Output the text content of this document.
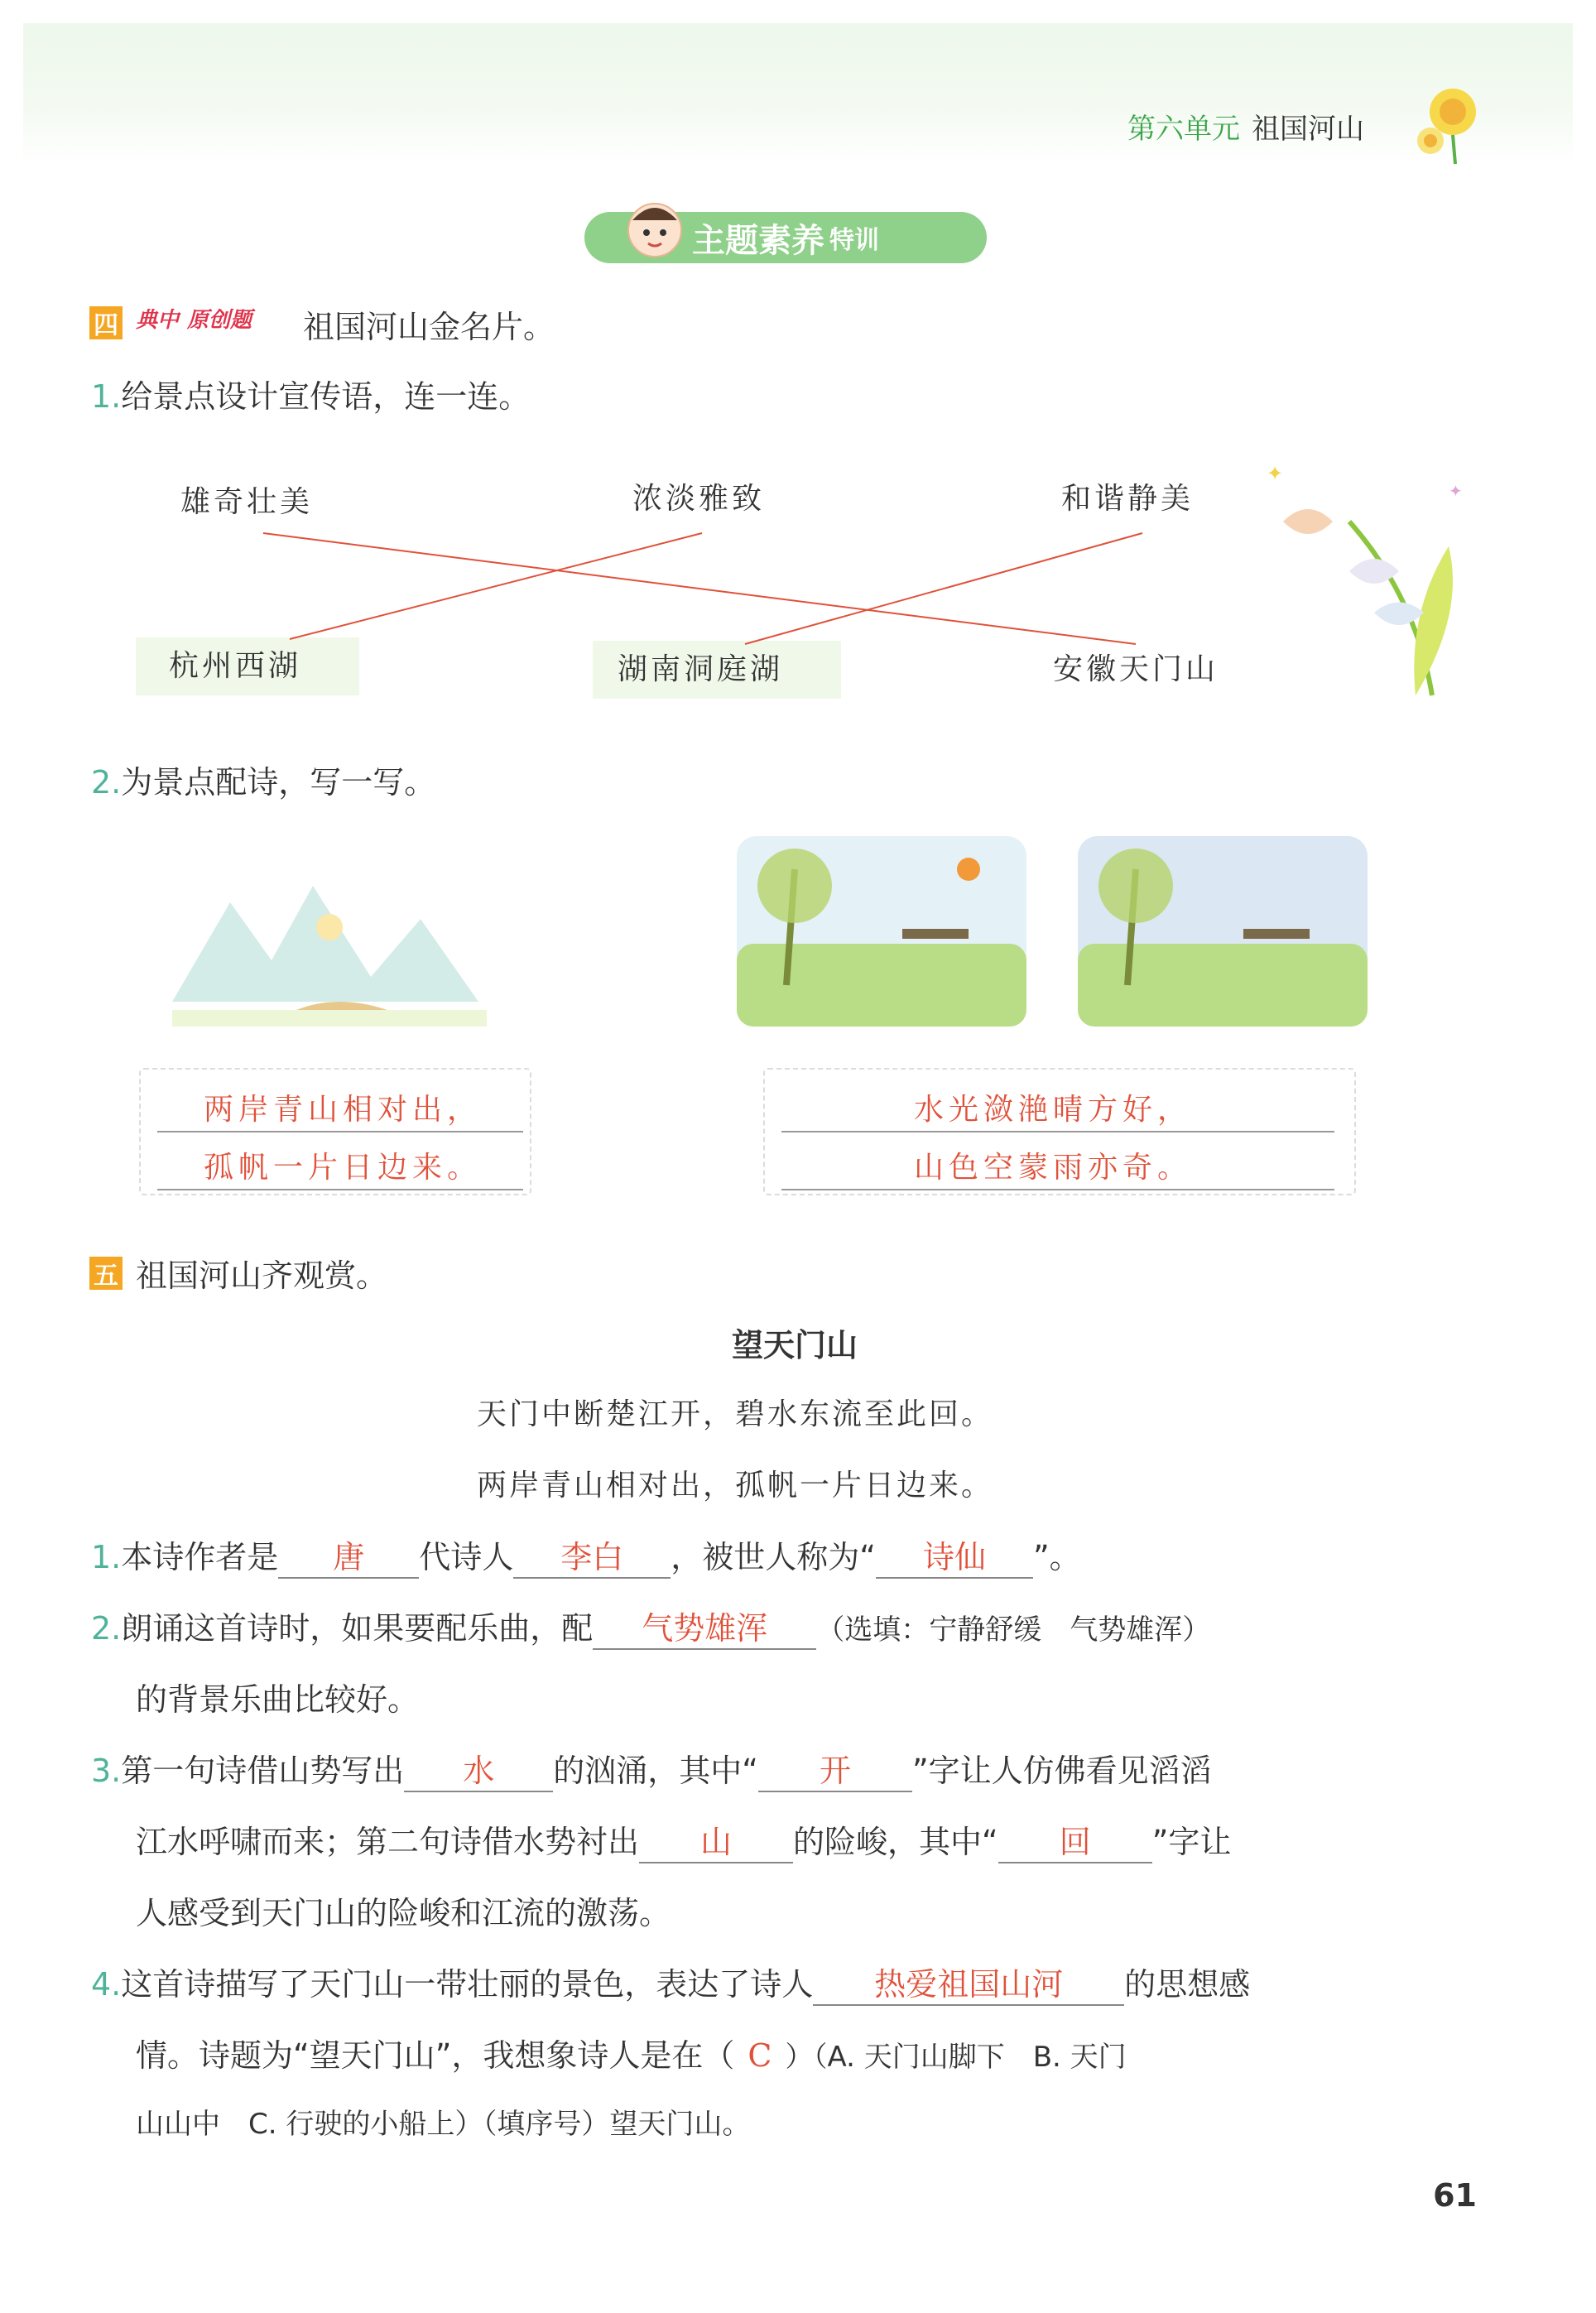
第六单元 祖国河山
主题素养 特训
四 典中 原创题 祖国河山金名片。
1.给景点设计宣传语，连一连。
雄奇壮美	浓淡雅致	和谐静美
杭州西湖	湖南洞庭湖	安徽天门山
✦
✦
2.为景点配诗，写一写。
两岸青山相对出，
孤帆一片日边来。
水光潋滟晴方好，
山色空蒙雨亦奇。
五 祖国河山齐观赏。
望天门山
天门中断楚江开，碧水东流至此回。
两岸青山相对出，孤帆一片日边来。
1.本诗作者是 唐 代诗人 李白 ，被世人称为“ 诗仙 ”。
2.朗诵这首诗时，如果要配乐曲，配 气势雄浑 （选填：宁静舒缓　气势雄浑）
的背景乐曲比较好。
3.第一句诗借山势写出 水 的汹涌，其中“ 开 ”字让人仿佛看见滔滔
江水呼啸而来；第二句诗借水势衬出 山 的险峻，其中“ 回 ”字让
人感受到天门山的险峻和江流的激荡。
4.这首诗描写了天门山一带壮丽的景色，表达了诗人 热爱祖国山河 的思想感
情。诗题为“望天门山”，我想象诗人是在（ C ）（A. 天门山脚下　B. 天门
山山中　C. 行驶的小船上）（填序号）望天门山。
61
